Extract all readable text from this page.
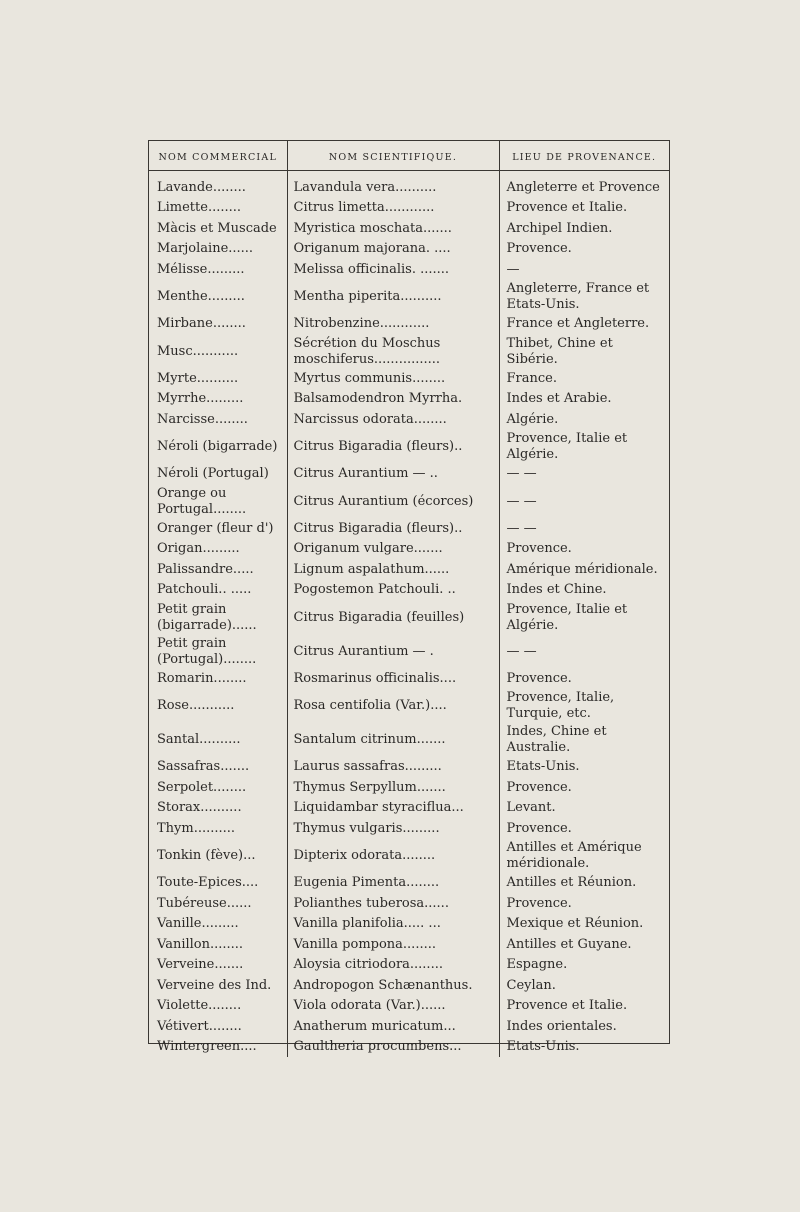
NOM COMMERCIAL	NOM SCIENTIFIQUE.	LIEU DE PROVENANCE.

Lavande........	Lavandula vera..........	Angleterre et Provence
Limette........	Citrus limetta............	Provence et Italie.
Màcis et Muscade	Myristica moschata.......	Archipel Indien.
Marjolaine......	Origanum majorana. ....	Provence.
Mélisse.........	Melissa officinalis. .......	—
Menthe.........	Mentha piperita..........	Angleterre, France et Etats-Unis.
Mirbane........	Nitrobenzine............	France et Angleterre.
Musc...........	Sécrétion du Moschus moschiferus................	Thibet, Chine et Sibérie.
Myrte..........	Myrtus communis........	France.
Myrrhe.........	Balsamodendron Myrrha.	Indes et Arabie.
Narcisse........	Narcissus odorata........	Algérie.
Néroli (bigarrade)	Citrus Bigaradia (fleurs)..	Provence, Italie et Algérie.
Néroli (Portugal)	Citrus Aurantium — ..	— —
Orange ou Portugal........	Citrus Aurantium (écorces)	— —
Oranger (fleur d')	Citrus Bigaradia (fleurs)..	— —
Origan.........	Origanum vulgare.......	Provence.
Palissandre.....	Lignum aspalathum......	Amérique méridionale.
Patchouli.. .....	Pogostemon Patchouli. ..	Indes et Chine.
Petit grain (bigarrade)......	Citrus Bigaradia (feuilles)	Provence, Italie et Algérie.
Petit grain (Portugal)........	Citrus Aurantium — .	— —
Romarin........	Rosmarinus officinalis....	Provence.
Rose...........	Rosa centifolia (Var.)....	Provence, Italie, Turquie, etc.
Santal..........	Santalum citrinum.......	Indes, Chine et Australie.
Sassafras.......	Laurus sassafras.........	Etats-Unis.
Serpolet........	Thymus Serpyllum.......	Provence.
Storax..........	Liquidambar styraciflua...	Levant.
Thym..........	Thymus vulgaris.........	Provence.
Tonkin (fève)...	Dipterix odorata........	Antilles et Amérique méridionale.
Toute-Epices....	Eugenia Pimenta........	Antilles et Réunion.
Tubéreuse......	Polianthes tuberosa......	Provence.
Vanille.........	Vanilla planifolia..... ...	Mexique et Réunion.
Vanillon........	Vanilla pompona........	Antilles et Guyane.
Verveine.......	Aloysia citriodora........	Espagne.
Verveine des Ind.	Andropogon Schænanthus.	Ceylan.
Violette........	Viola odorata (Var.)......	Provence et Italie.
Vétivert........	Anatherum muricatum...	Indes orientales.
Wintergreen....	Gaultheria procumbens...	Etats-Unis.
